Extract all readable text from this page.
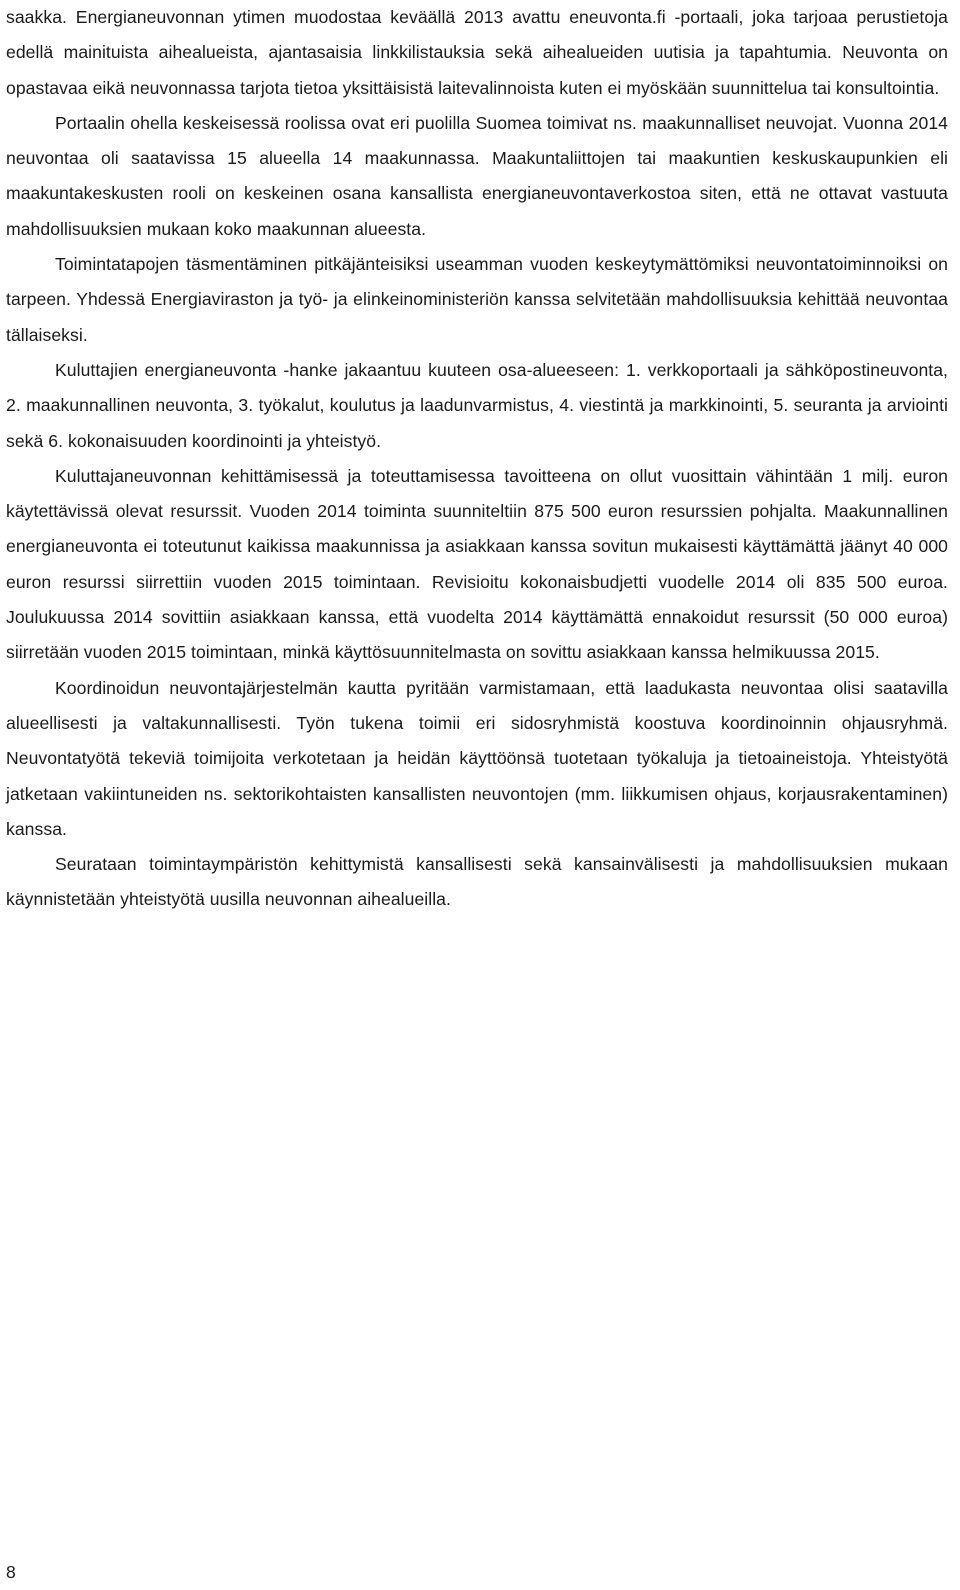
saakka. Energianeuvonnan ytimen muodostaa keväällä 2013 avattu eneuvonta.fi -portaali, joka tarjoaa perustietoja edellä mainituista aihealueista, ajantasaisia linkkilistauksia sekä aihealueiden uutisia ja tapahtumia. Neuvonta on opastavaa eikä neuvonnassa tarjota tietoa yksittäisistä laitevalinnoista kuten ei myöskään suunnittelua tai konsultointia.

Portaalin ohella keskeisessä roolissa ovat eri puolilla Suomea toimivat ns. maakunnalliset neuvojat. Vuonna 2014 neuvontaa oli saatavissa 15 alueella 14 maakunnassa. Maakuntaliittojen tai maakuntien keskuskaupunkien eli maakuntakeskusten rooli on keskeinen osana kansallista energianeuvontaverkostoa siten, että ne ottavat vastuuta mahdollisuuksien mukaan koko maakunnan alueesta.

Toimintatapojen täsmentäminen pitkäjänteisiksi useamman vuoden keskeytymättömiksi neuvontatoiminnoiksi on tarpeen. Yhdessä Energiaviraston ja työ- ja elinkeinoministeriön kanssa selvitetään mahdollisuuksia kehittää neuvontaa tällaiseksi.

Kuluttajien energianeuvonta -hanke jakaantuu kuuteen osa-alueeseen: 1. verkkoportaali ja sähköpostineuvonta, 2. maakunnallinen neuvonta, 3. työkalut, koulutus ja laadunvarmistus, 4. viestintä ja markkinointi, 5. seuranta ja arviointi sekä 6. kokonaisuuden koordinointi ja yhteistyö.

Kuluttajaneuvonnan kehittämisessä ja toteuttamisessa tavoitteena on ollut vuosittain vähintään 1 milj. euron käytettävissä olevat resurssit. Vuoden 2014 toiminta suunniteltiin 875 500 euron resurssien pohjalta. Maakunnallinen energianeuvonta ei toteutunut kaikissa maakunnissa ja asiakkaan kanssa sovitun mukaisesti käyttämättä jäänyt 40 000 euron resurssi siirrettiin vuoden 2015 toimintaan. Revisioitu kokonaisbudjetti vuodelle 2014 oli 835 500 euroa. Joulukuussa 2014 sovittiin asiakkaan kanssa, että vuodelta 2014 käyttämättä ennakoidut resurssit (50 000 euroa) siirretään vuoden 2015 toimintaan, minkä käyttösuunnitelmasta on sovittu asiakkaan kanssa helmikuussa 2015.

Koordinoidun neuvontajärjestelmän kautta pyritään varmistamaan, että laadukasta neuvontaa olisi saatavilla alueellisesti ja valtakunnallisesti. Työn tukena toimii eri sidosryhmistä koostuva koordinoinnin ohjausryhmä. Neuvontatyötä tekeviä toimijoita verkotetaan ja heidän käyttöönsä tuotetaan työkaluja ja tietoaineistoja. Yhteistyötä jatketaan vakiintuneiden ns. sektorikohtaisten kansallisten neuvontojen (mm. liikkumisen ohjaus, korjausrakentaminen) kanssa.

Seurataan toimintaympäristön kehittymistä kansallisesti sekä kansainvälisesti ja mahdollisuuksien mukaan käynnistetään yhteistyötä uusilla neuvonnan aihealueilla.

8
